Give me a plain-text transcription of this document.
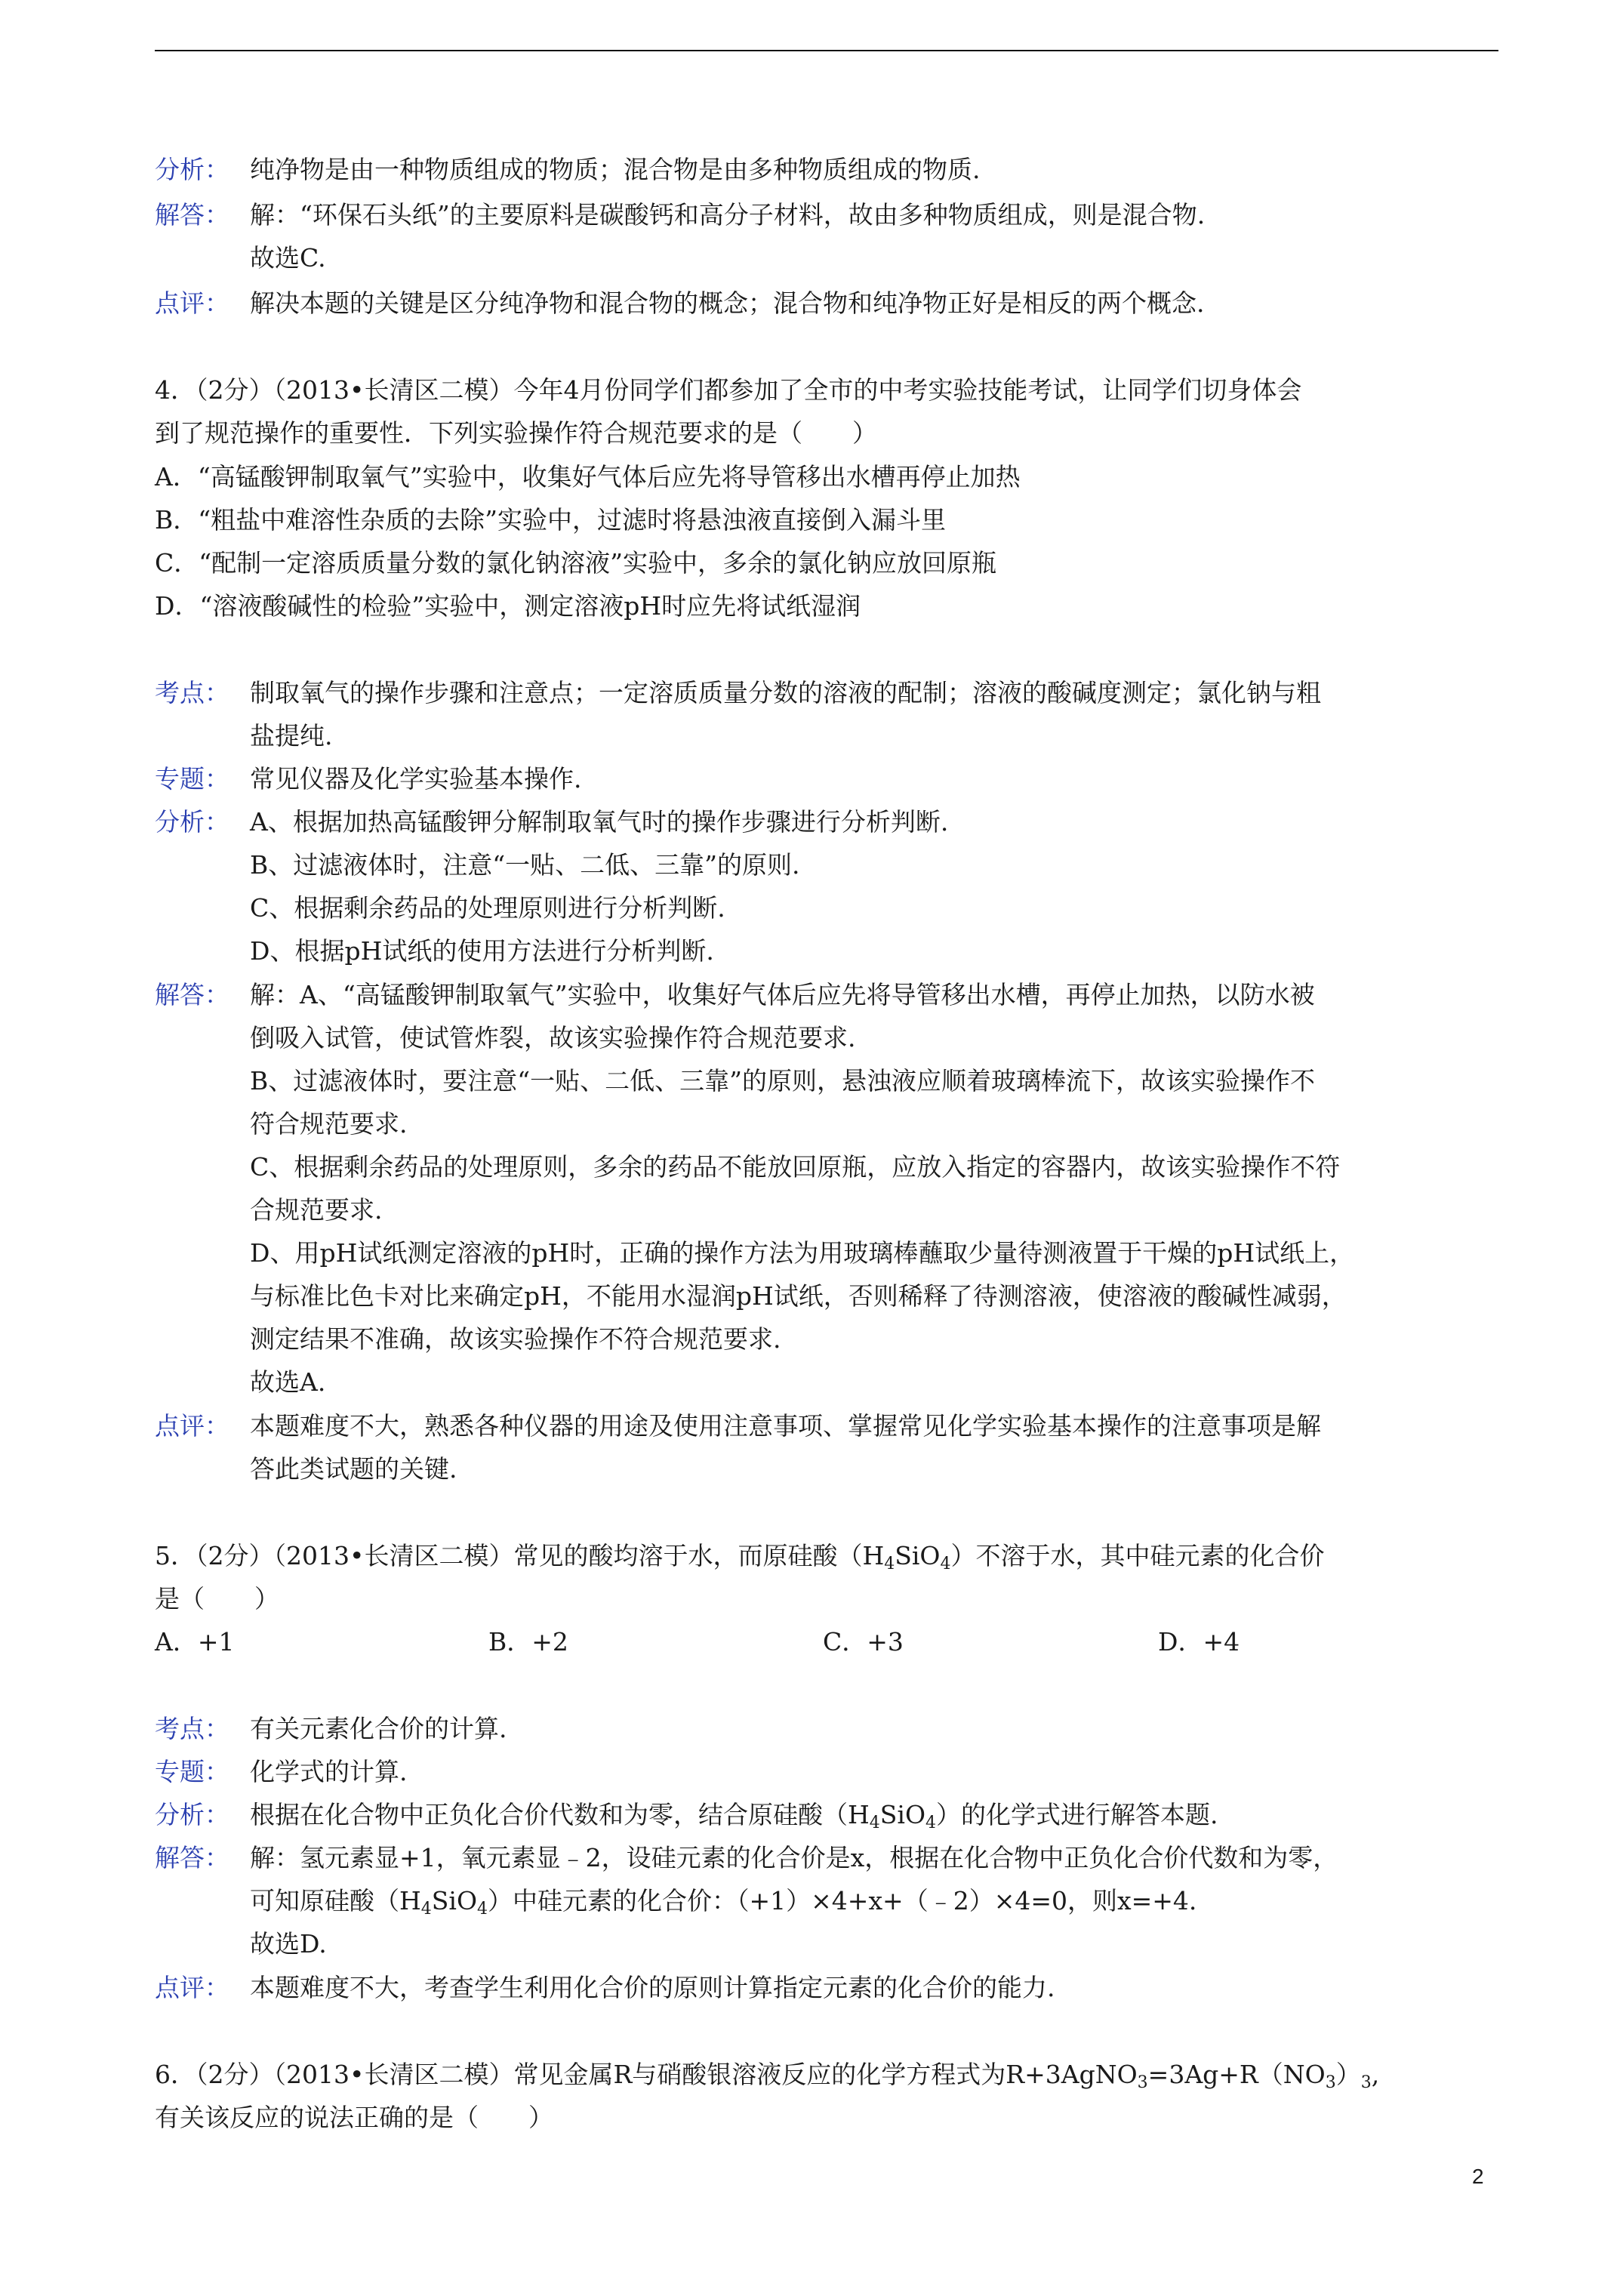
分析： 纯净物是由一种物质组成的物质；混合物是由多种物质组成的物质.
解答： 解：“环保石头纸”的主要原料是碳酸钙和高分子材料，故由多种物质组成，则是混合物.
故选C.
点评： 解决本题的关键是区分纯净物和混合物的概念；混合物和纯净物正好是相反的两个概念.
4．（2分）（2013•长清区二模）今年4月份同学们都参加了全市的中考实验技能考试，让同学们切身体会
到了规范操作的重要性．下列实验操作符合规范要求的是（　　）
A．“高锰酸钾制取氧气”实验中，收集好气体后应先将导管移出水槽再停止加热
B．“粗盐中难溶性杂质的去除”实验中，过滤时将悬浊液直接倒入漏斗里
C．“配制一定溶质质量分数的氯化钠溶液”实验中，多余的氯化钠应放回原瓶
D．“溶液酸碱性的检验”实验中，测定溶液pH时应先将试纸湿润
考点： 制取氧气的操作步骤和注意点；一定溶质质量分数的溶液的配制；溶液的酸碱度测定；氯化钠与粗
盐提纯.
专题： 常见仪器及化学实验基本操作.
分析： A、根据加热高锰酸钾分解制取氧气时的操作步骤进行分析判断.
B、过滤液体时，注意“一贴、二低、三靠”的原则.
C、根据剩余药品的处理原则进行分析判断.
D、根据pH试纸的使用方法进行分析判断.
解答： 解：A、“高锰酸钾制取氧气”实验中，收集好气体后应先将导管移出水槽，再停止加热，以防水被
倒吸入试管，使试管炸裂，故该实验操作符合规范要求.
B、过滤液体时，要注意“一贴、二低、三靠”的原则，悬浊液应顺着玻璃棒流下，故该实验操作不
符合规范要求.
C、根据剩余药品的处理原则，多余的药品不能放回原瓶，应放入指定的容器内，故该实验操作不符
合规范要求.
D、用pH试纸测定溶液的pH时，正确的操作方法为用玻璃棒蘸取少量待测液置于干燥的pH试纸上，
与标准比色卡对比来确定pH，不能用水湿润pH试纸，否则稀释了待测溶液，使溶液的酸碱性减弱，
测定结果不准确，故该实验操作不符合规范要求.
故选A.
点评： 本题难度不大，熟悉各种仪器的用途及使用注意事项、掌握常见化学实验基本操作的注意事项是解
答此类试题的关键.
5．（2分）（2013•长清区二模）常见的酸均溶于水，而原硅酸$(H_4SiO_4)$不溶于水，其中硅元素的化合价
是（　　）
A．+1	B．+2	C．+3	D．+4
考点： 有关元素化合价的计算.
专题： 化学式的计算.
分析： 根据在化合物中正负化合价代数和为零，结合原硅酸$(H_4SiO_4)$的化学式进行解答本题.
解答： 解：氢元素显+1，氧元素显﹣2，设硅元素的化合价是x，根据在化合物中正负化合价代数和为零，
可知原硅酸$(H_4SiO_4)$中硅元素的化合价：（+1）×4+x+（﹣2）×4=0，则x=+4.
故选D.
点评： 本题难度不大，考查学生利用化合价的原则计算指定元素的化合价的能力.
6．（2分）（2013•长清区二模）常见金属R与硝酸银溶液反应的化学方程式为$R+3AgNO_3=3Ag+R(NO_3)_3$,
有关该反应的说法正确的是（　　）
2
